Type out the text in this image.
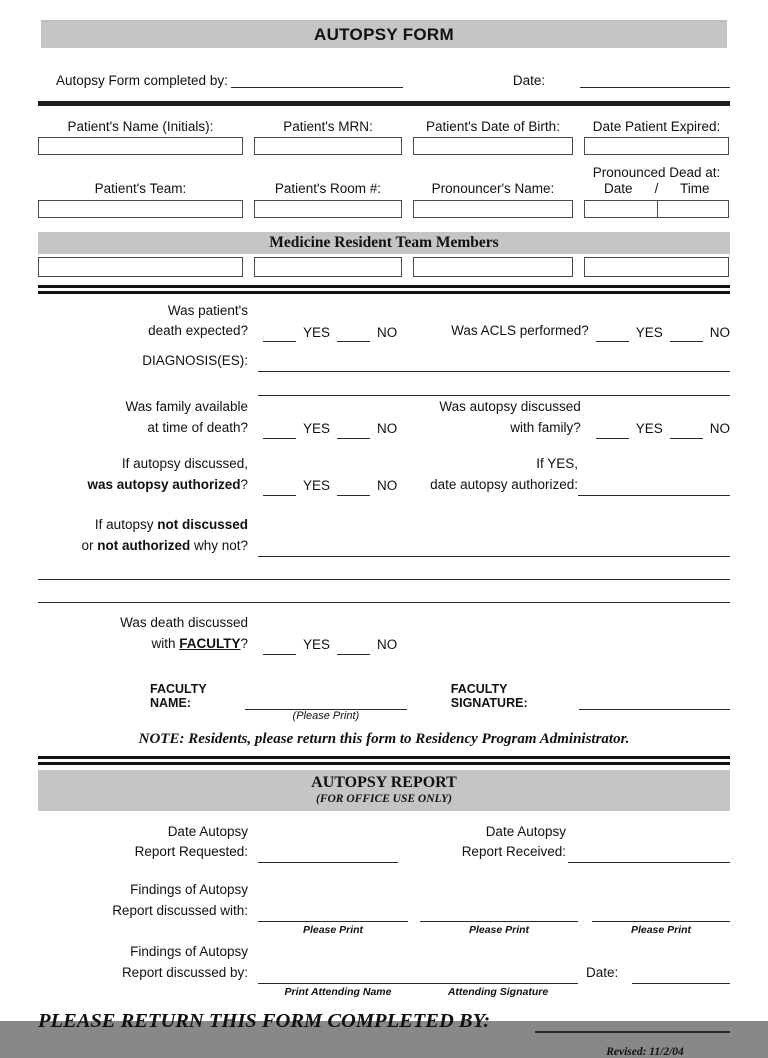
AUTOPSY FORM
Autopsy Form completed by:	Date:
Patient's Name (Initials):	Patient's MRN:	Patient's Date of Birth:	Date Patient Expired:
Patient's Team:	Patient's Room #:	Pronouncer's Name:
Pronounced Dead at:
Date	/	Time
Medicine Resident Team Members
Was patient's
death expected?	YES	NO	Was ACLS performed?	YES	NO
DIAGNOSIS(ES):
Was family available
at time of death?	YES	NO
Was autopsy discussed
with family?	YES	NO
If autopsy discussed,
was autopsy authorized?	YES	NO
If YES,
date autopsy authorized:
If autopsy not discussed
or not authorized why not?
Was death discussed
with FACULTY?	YES	NO
FACULTY NAME:
(Please Print)
FACULTY SIGNATURE:
NOTE: Residents, please return this form to Residency Program Administrator.
AUTOPSY REPORT
(FOR OFFICE USE ONLY)
Date Autopsy
Report Requested:
Date Autopsy
Report Received:
Findings of Autopsy
Report discussed with:
Please Print	Please Print	Please Print
Findings of Autopsy
Report discussed by:
Print Attending Name	Attending Signature
Date:
PLEASE RETURN THIS FORM COMPLETED BY:
Revised: 11/2/04
